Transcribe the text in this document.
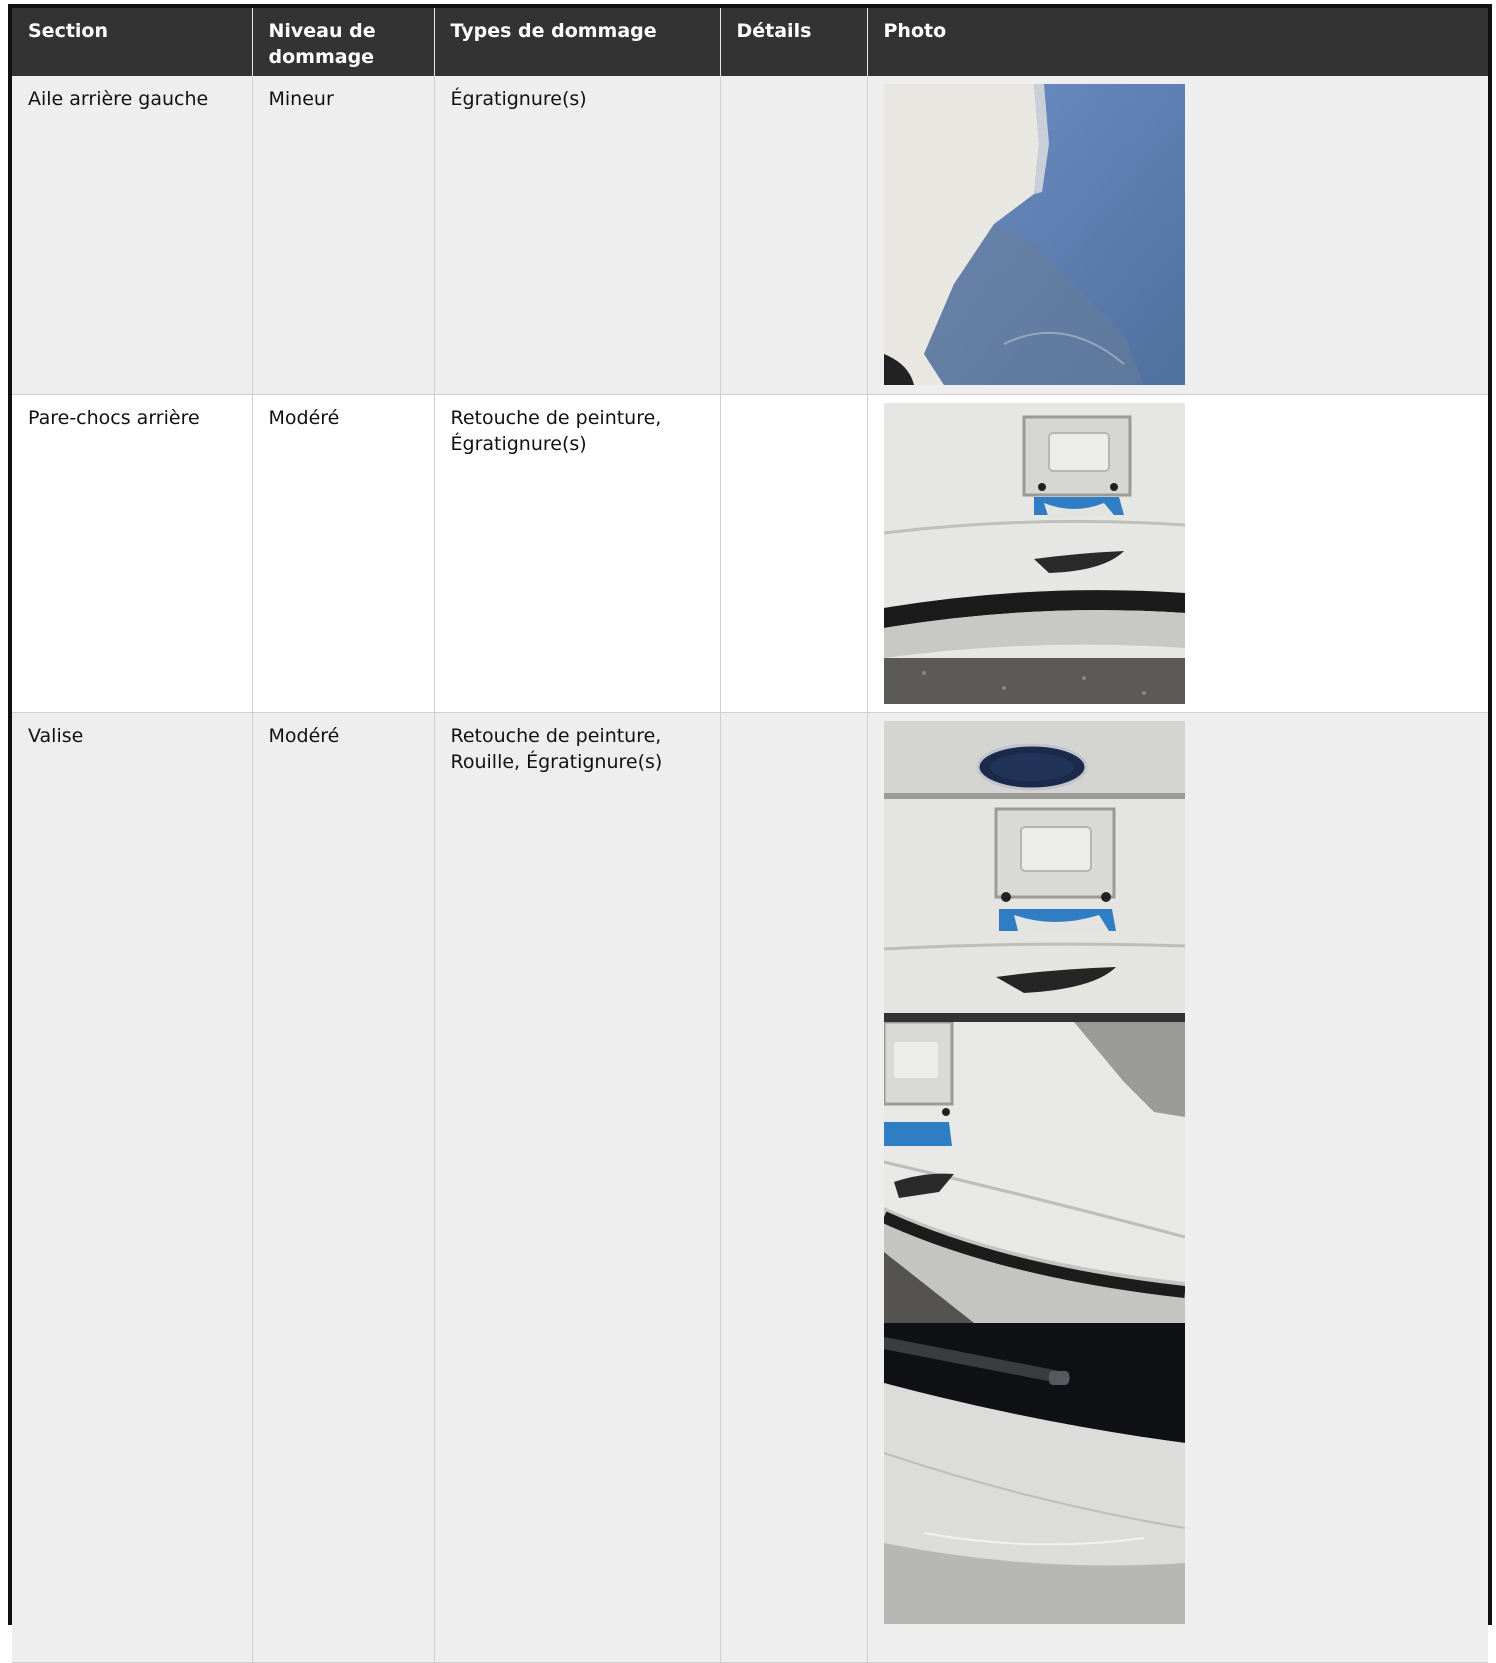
Section	Niveau de dommage	Types de dommage	Détails	Photo
Aile arrière gauche	Mineur	Égratignure(s)		

Pare-chocs arrière	Modéré	Retouche de peinture, Égratignure(s)		

Valise	Modéré	Retouche de peinture, Rouille, Égratignure(s)		
